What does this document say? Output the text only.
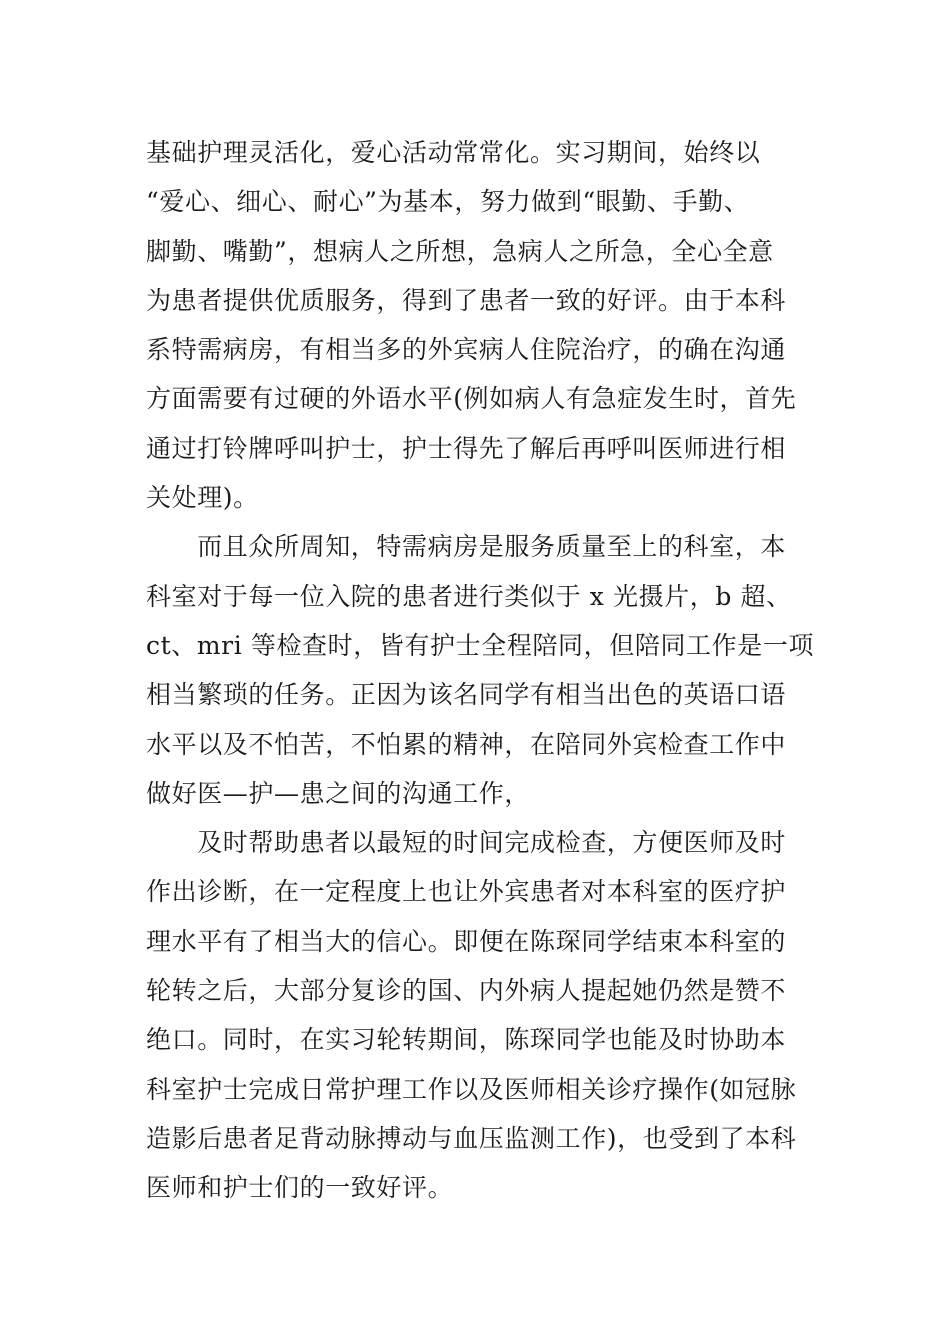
基础护理灵活化，爱心活动常常化。实习期间，始终以
“爱心、细心、耐心”为基本，努力做到“眼勤、手勤、
脚勤、嘴勤”，想病人之所想，急病人之所急，全心全意
为患者提供优质服务，得到了患者一致的好评。由于本科
系特需病房，有相当多的外宾病人住院治疗，的确在沟通
方面需要有过硬的外语水平(例如病人有急症发生时，首先
通过打铃牌呼叫护士，护士得先了解后再呼叫医师进行相
关处理)。
　　而且众所周知，特需病房是服务质量至上的科室，本
科室对于每一位入院的患者进行类似于 x 光摄片，b 超、
ct、mri 等检查时，皆有护士全程陪同，但陪同工作是一项
相当繁琐的任务。正因为该名同学有相当出色的英语口语
水平以及不怕苦，不怕累的精神，在陪同外宾检查工作中
做好医—护—患之间的沟通工作，
　　及时帮助患者以最短的时间完成检查，方便医师及时
作出诊断，在一定程度上也让外宾患者对本科室的医疗护
理水平有了相当大的信心。即便在陈琛同学结束本科室的
轮转之后，大部分复诊的国、内外病人提起她仍然是赞不
绝口。同时，在实习轮转期间，陈琛同学也能及时协助本
科室护士完成日常护理工作以及医师相关诊疗操作(如冠脉
造影后患者足背动脉搏动与血压监测工作)，也受到了本科
医师和护士们的一致好评。
